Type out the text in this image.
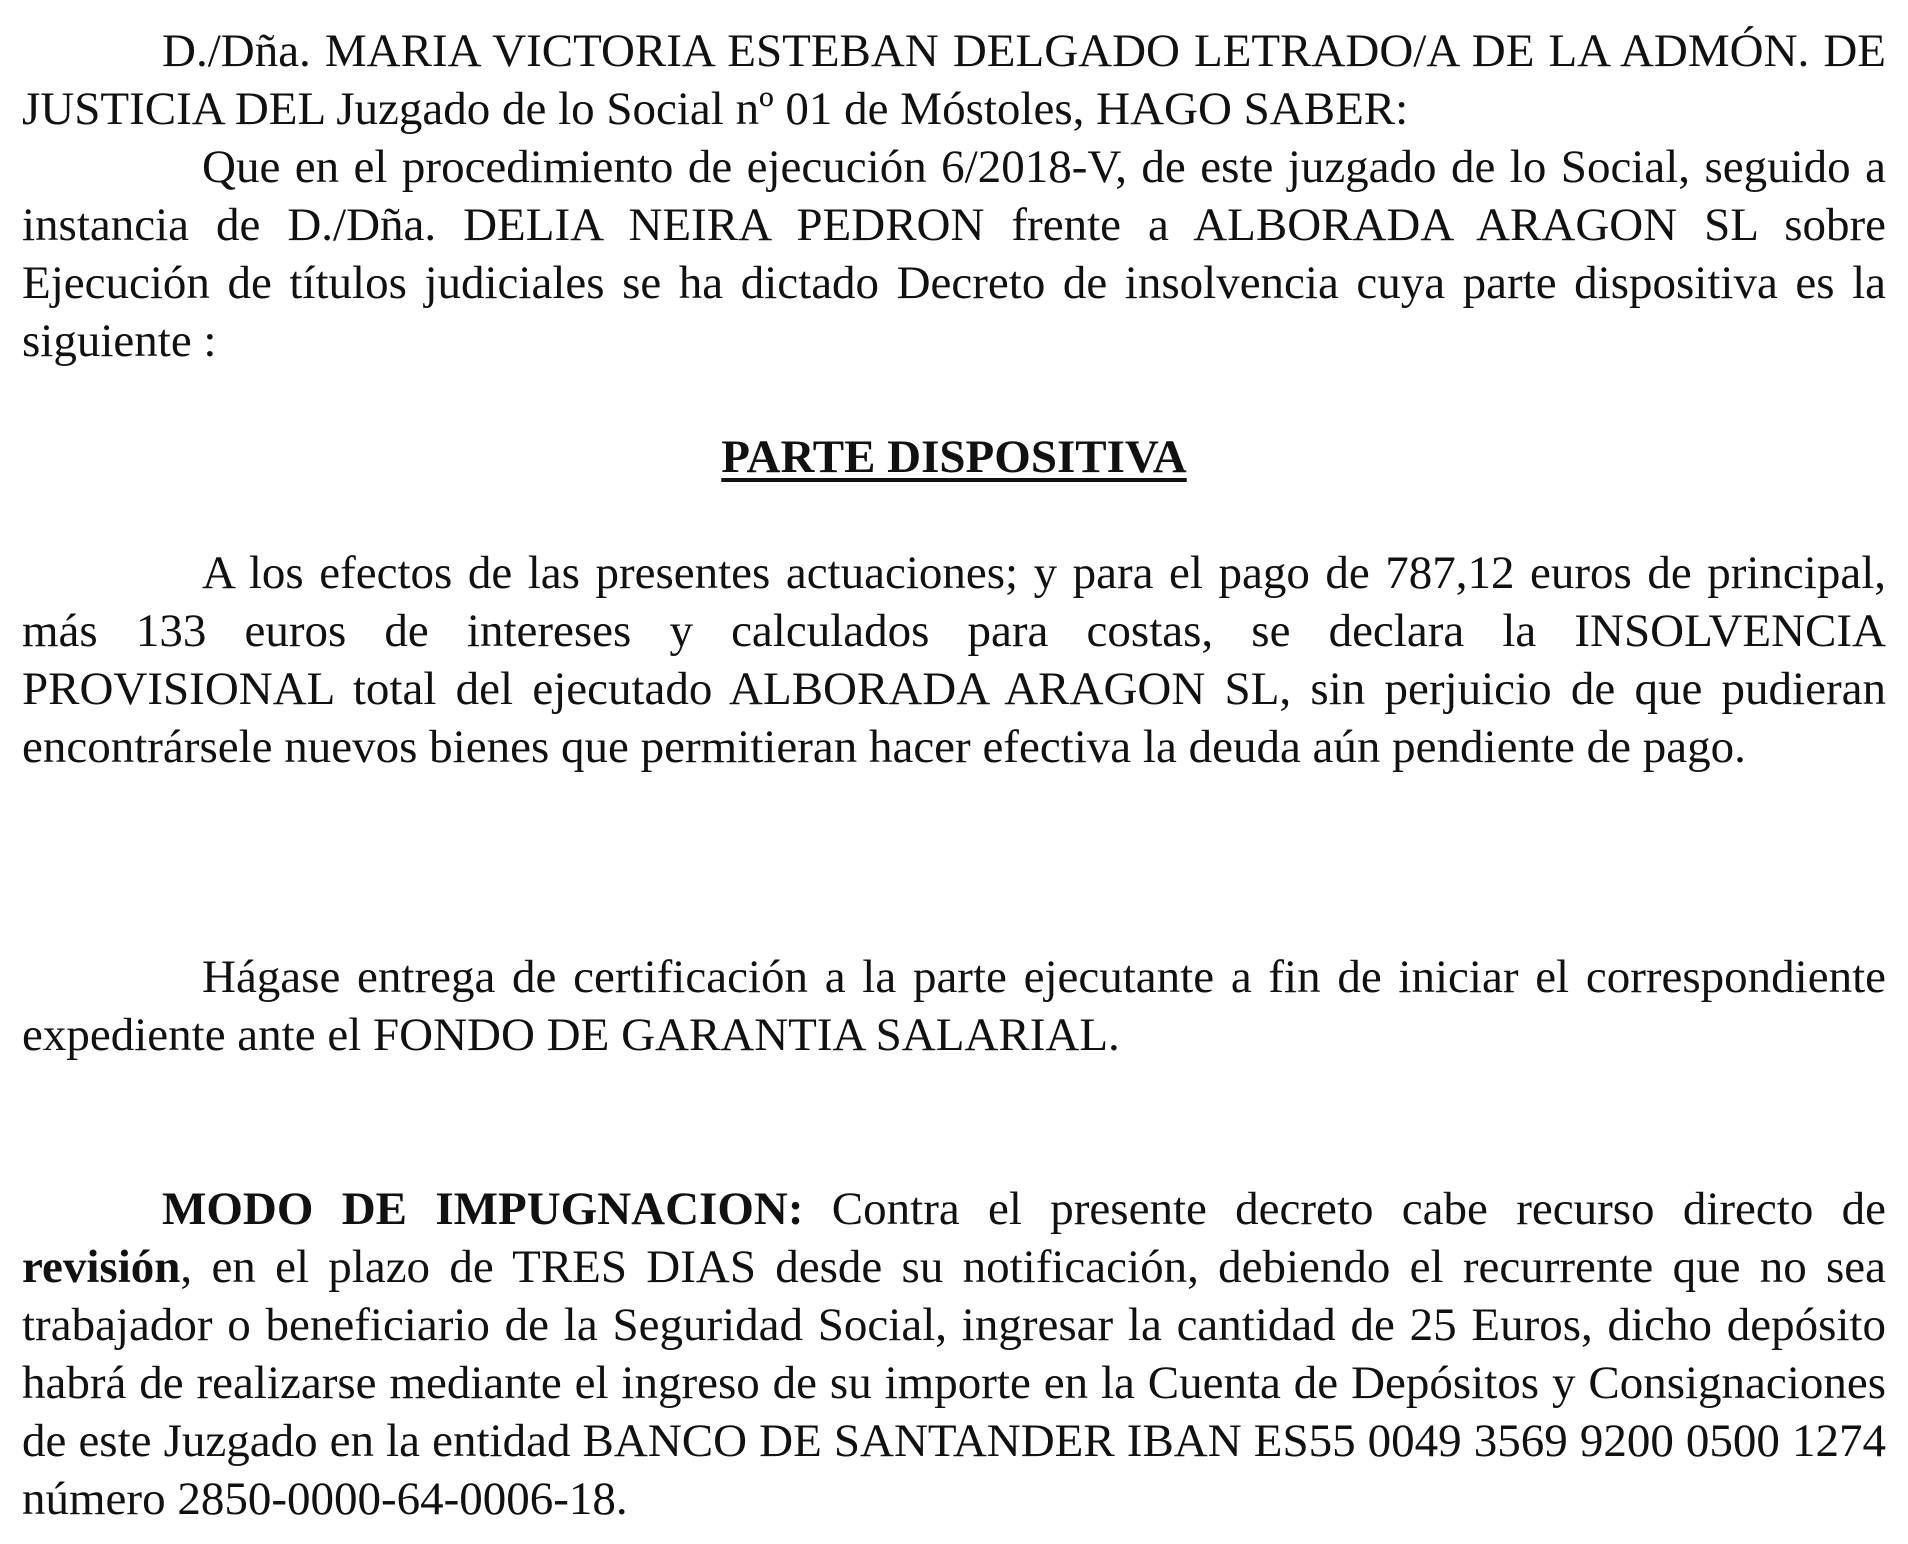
D./Dña. MARIA VICTORIA ESTEBAN DELGADO LETRADO/A DE LA ADMÓN. DE JUSTICIA DEL Juzgado de lo Social nº 01 de Móstoles, HAGO SABER:

Que en el procedimiento de ejecución 6/2018-V, de este juzgado de lo Social, seguido a instancia de D./Dña. DELIA NEIRA PEDRON frente a ALBORADA ARAGON SL sobre Ejecución de títulos judiciales se ha dictado Decreto de insolvencia cuya parte dispositiva es la siguiente :

PARTE DISPOSITIVA

A los efectos de las presentes actuaciones; y para el pago de 787,12 euros de principal, más 133 euros de intereses y calculados para costas, se declara la INSOLVENCIA PROVISIONAL total del ejecutado ALBORADA ARAGON SL, sin perjuicio de que pudieran encontrársele nuevos bienes que permitieran hacer efectiva la deuda aún pendiente de pago.

Hágase entrega de certificación a la parte ejecutante a fin de iniciar el correspondiente expediente ante el FONDO DE GARANTIA SALARIAL.

MODO DE IMPUGNACION: Contra el presente decreto cabe recurso directo de revisión, en el plazo de TRES DIAS desde su notificación, debiendo el recurrente que no sea trabajador o beneficiario de la Seguridad Social, ingresar la cantidad de 25 Euros, dicho depósito habrá de realizarse mediante el ingreso de su importe en la Cuenta de Depósitos y Consignaciones de este Juzgado en la entidad BANCO DE SANTANDER IBAN ES55 0049 3569 9200 0500 1274 número 2850-0000-64-0006-18.
